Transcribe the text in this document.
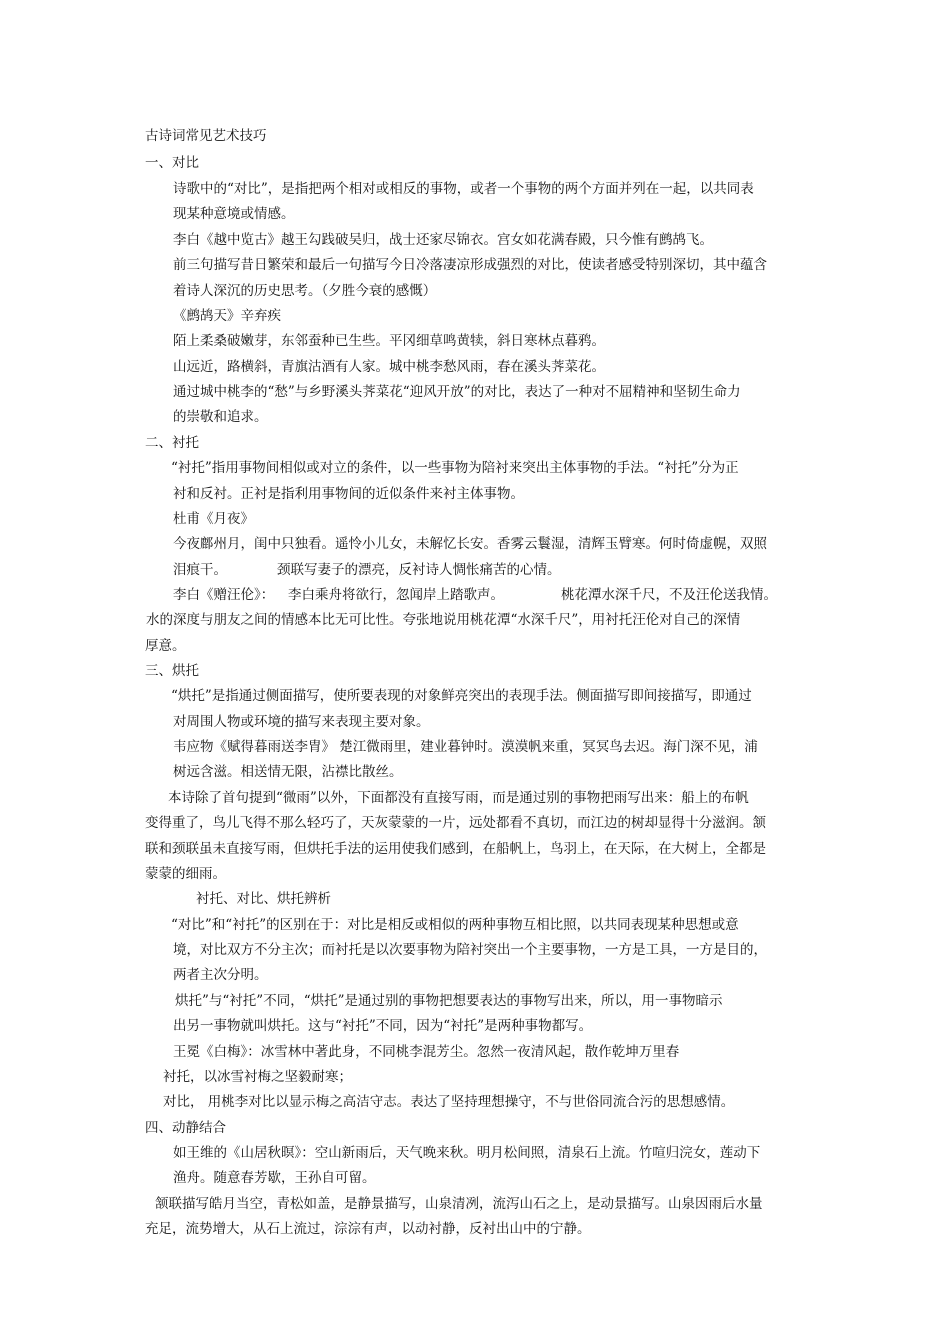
古诗词常见艺术技巧
一、对比
诗歌中的“对比”，是指把两个相对或相反的事物，或者一个事物的两个方面并列在一起，以共同表
现某种意境或情感。
李白《越中览古》越王勾践破吴归，战士还家尽锦衣。宫女如花满春殿，只今惟有鹧鸪飞。
前三句描写昔日繁荣和最后一句描写今日冷落凄凉形成强烈的对比，使读者感受特别深切，其中蕴含
着诗人深沉的历史思考。（夕胜今衰的感慨）
《鹧鸪天》辛弃疾
陌上柔桑破嫩芽，东邻蚕种已生些。平冈细草鸣黄犊，斜日寒林点暮鸦。
山远近，路横斜，青旗沽酒有人家。城中桃李愁风雨，春在溪头荠菜花。
通过城中桃李的“愁”与乡野溪头荠菜花“迎风开放”的对比，表达了一种对不屈精神和坚韧生命力
的崇敬和追求。
二、衬托
“衬托”指用事物间相似或对立的条件，以一些事物为陪衬来突出主体事物的手法。“衬托”分为正
衬和反衬。正衬是指利用事物间的近似条件来衬主体事物。
杜甫《月夜》
今夜鄜州月，闺中只独看。遥怜小儿女，未解忆长安。香雾云鬟湿，清辉玉臂寒。何时倚虚幌，双照
泪痕干。	颈联写妻子的漂亮，反衬诗人惆怅痛苦的心情。
李白《赠汪伦》： 李白乘舟将欲行，忽闻岸上踏歌声。	桃花潭水深千尺，不及汪伦送我情。
水的深度与朋友之间的情感本比无可比性。夸张地说用桃花潭“水深千尺”，用衬托汪伦对自己的深情
厚意。
三、烘托
“烘托”是指通过侧面描写，使所要表现的对象鲜亮突出的表现手法。侧面描写即间接描写，即通过
对周围人物或环境的描写来表现主要对象。
韦应物《赋得暮雨送李胄》 楚江微雨里，建业暮钟时。漠漠帆来重，冥冥鸟去迟。海门深不见，浦
树远含滋。相送情无限，沾襟比散丝。
本诗除了首句提到“微雨”以外，下面都没有直接写雨，而是通过别的事物把雨写出来：船上的布帆
变得重了，鸟儿飞得不那么轻巧了，天灰蒙蒙的一片，远处都看不真切，而江边的树却显得十分滋润。颔
联和颈联虽未直接写雨，但烘托手法的运用使我们感到，在船帆上，鸟羽上，在天际，在大树上，全都是
蒙蒙的细雨。
衬托、对比、烘托辨析
“对比”和“衬托”的区别在于：对比是相反或相似的两种事物互相比照，以共同表现某种思想或意
境，对比双方不分主次；而衬托是以次要事物为陪衬突出一个主要事物，一方是工具，一方是目的，
两者主次分明。
烘托”与“衬托”不同，“烘托”是通过别的事物把想要表达的事物写出来，所以，用一事物暗示
出另一事物就叫烘托。这与“衬托”不同，因为“衬托”是两种事物都写。
王冕《白梅》：冰雪林中著此身，不同桃李混芳尘。忽然一夜清风起，散作乾坤万里春
衬托，以冰雪衬梅之坚毅耐寒；
对比， 用桃李对比以显示梅之高洁守志。表达了坚持理想操守，不与世俗同流合污的思想感情。
四、动静结合
如王维的《山居秋暝》：空山新雨后，天气晚来秋。明月松间照，清泉石上流。竹喧归浣女，莲动下
渔舟。随意春芳歇，王孙自可留。
颔联描写皓月当空，青松如盖，是静景描写，山泉清冽，流泻山石之上，是动景描写。山泉因雨后水量
充足，流势增大，从石上流过，淙淙有声，以动衬静，反衬出山中的宁静。
